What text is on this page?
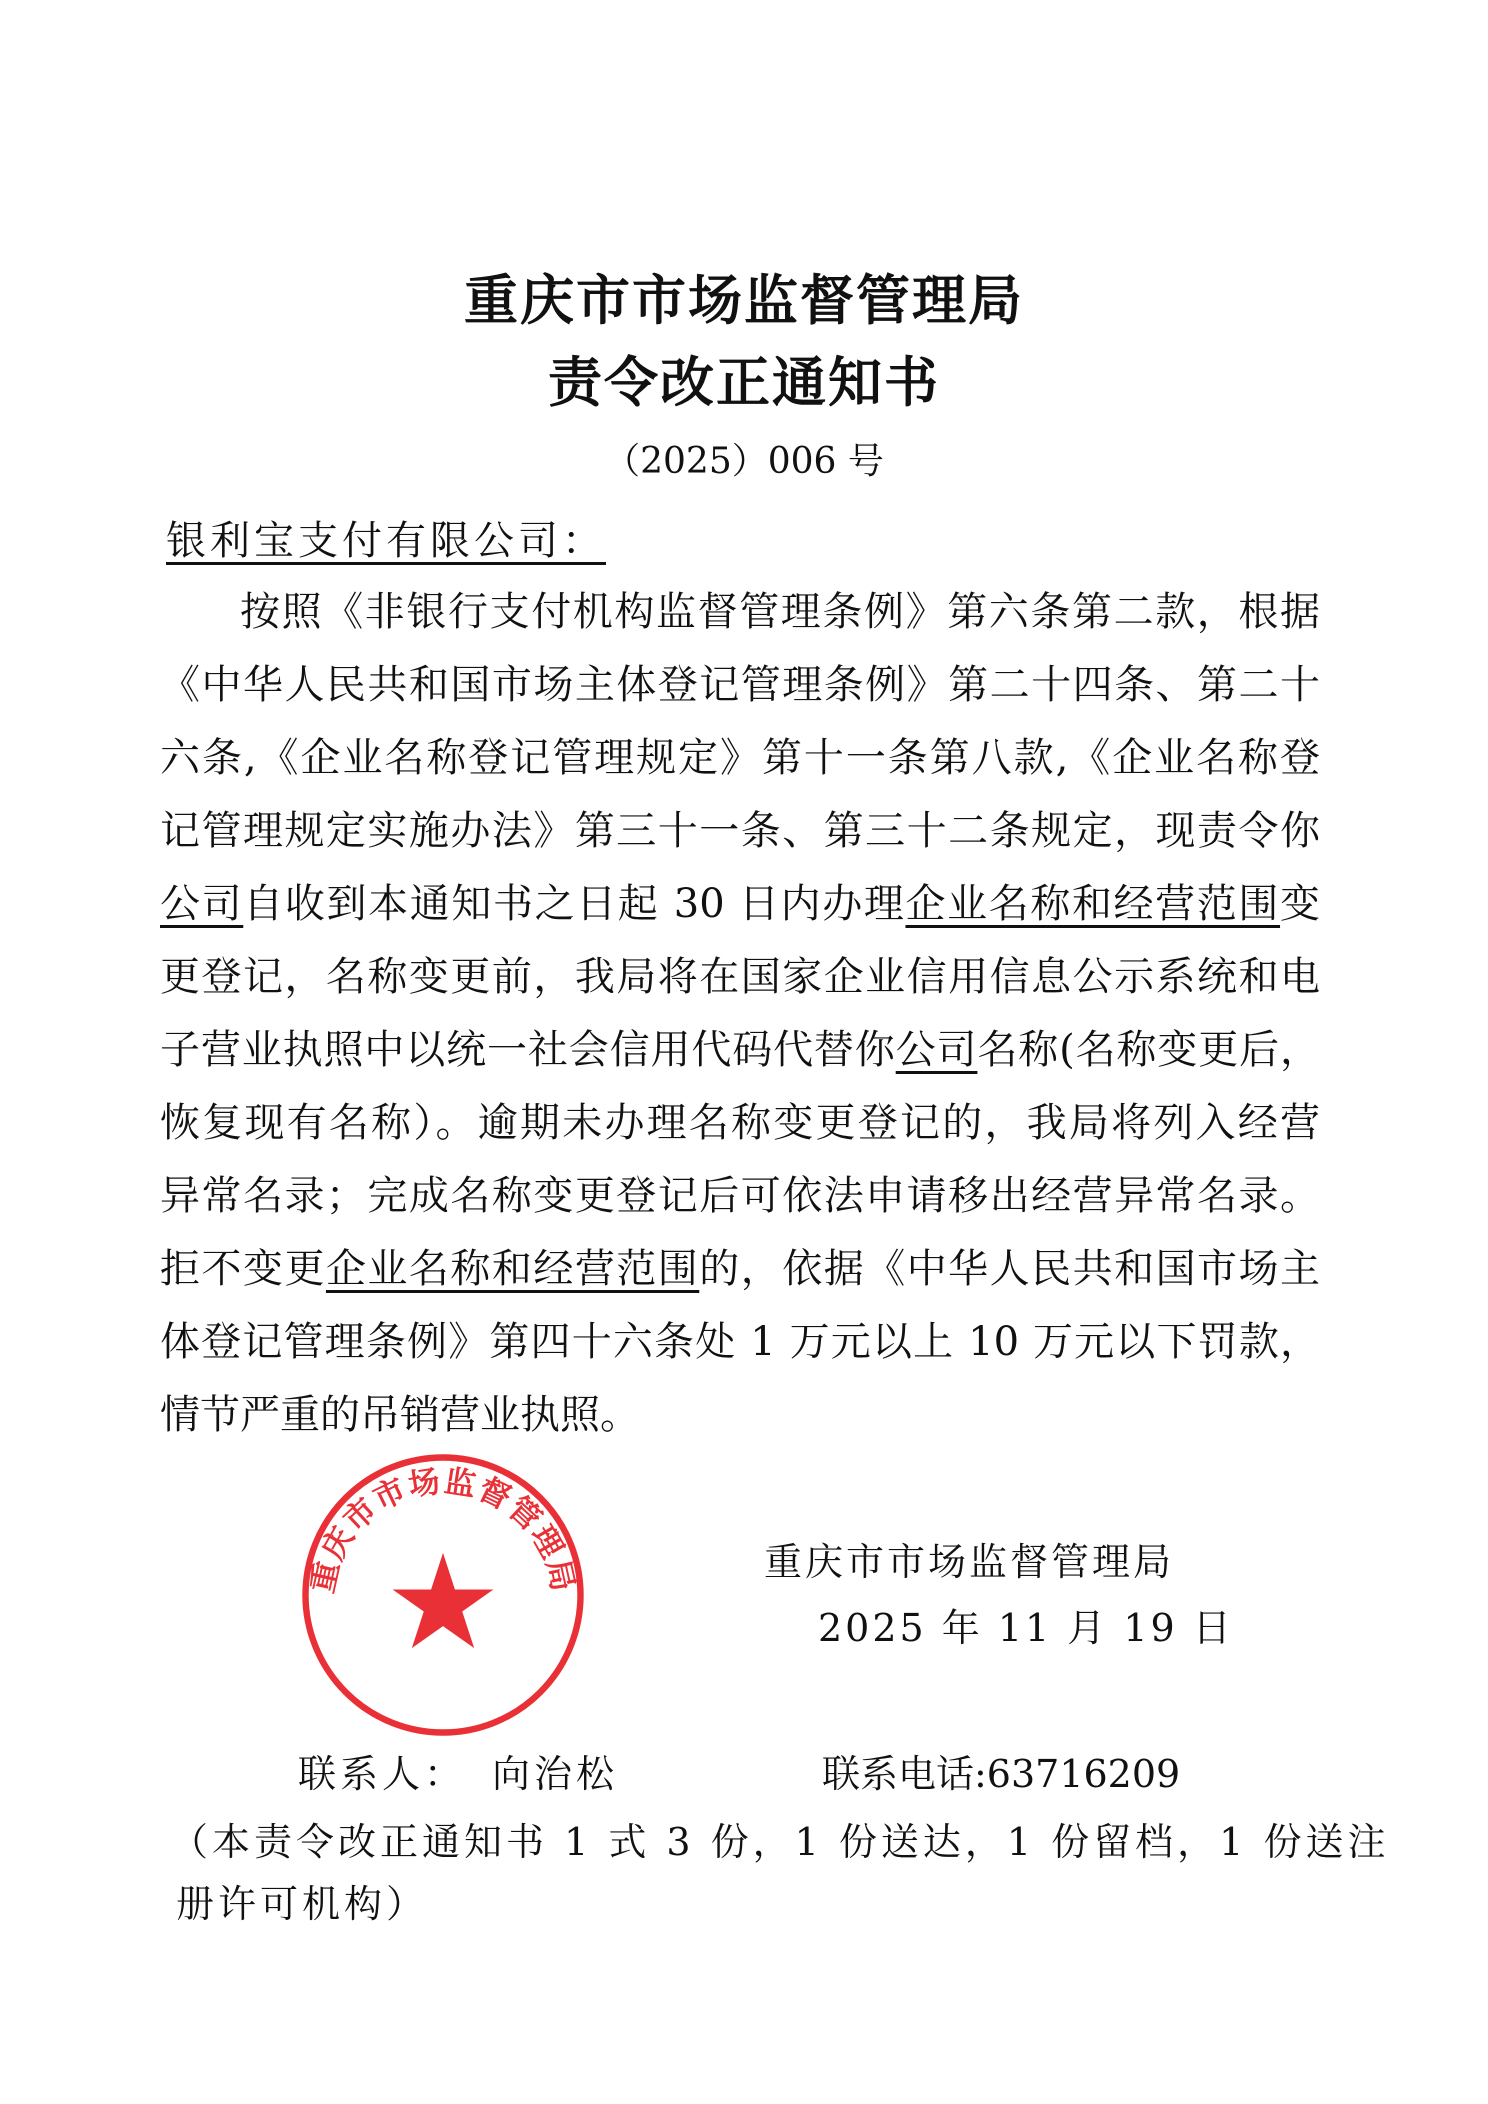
重庆市市场监督管理局
责令改正通知书
（2025）006 号
银利宝支付有限公司：
按照《非银行支付机构监督管理条例》第六条第二款，根据
《中华人民共和国市场主体登记管理条例》第二十四条、第二十
六条,《企业名称登记管理规定》第十一条第八款,《企业名称登
记管理规定实施办法》第三十一条、第三十二条规定，现责令你
公司自收到本通知书之日起 30 日内办理企业名称和经营范围变
更登记，名称变更前，我局将在国家企业信用信息公示系统和电
子营业执照中以统一社会信用代码代替你公司名称(名称变更后，
恢复现有名称）。逾期未办理名称变更登记的，我局将列入经营
异常名录；完成名称变更登记后可依法申请移出经营异常名录。
拒不变更企业名称和经营范围的，依据《中华人民共和国市场主
体登记管理条例》第四十六条处 1 万元以上 10 万元以下罚款，
情节严重的吊销营业执照。
重庆市市场监督管理局	重庆市市场监督管理局
2025 年 11 月 19 日
联系人： 向治松	联系电话:63716209
（本责令改正通知书 1 式 3 份，1 份送达，1 份留档，1 份送注
册许可机构）
